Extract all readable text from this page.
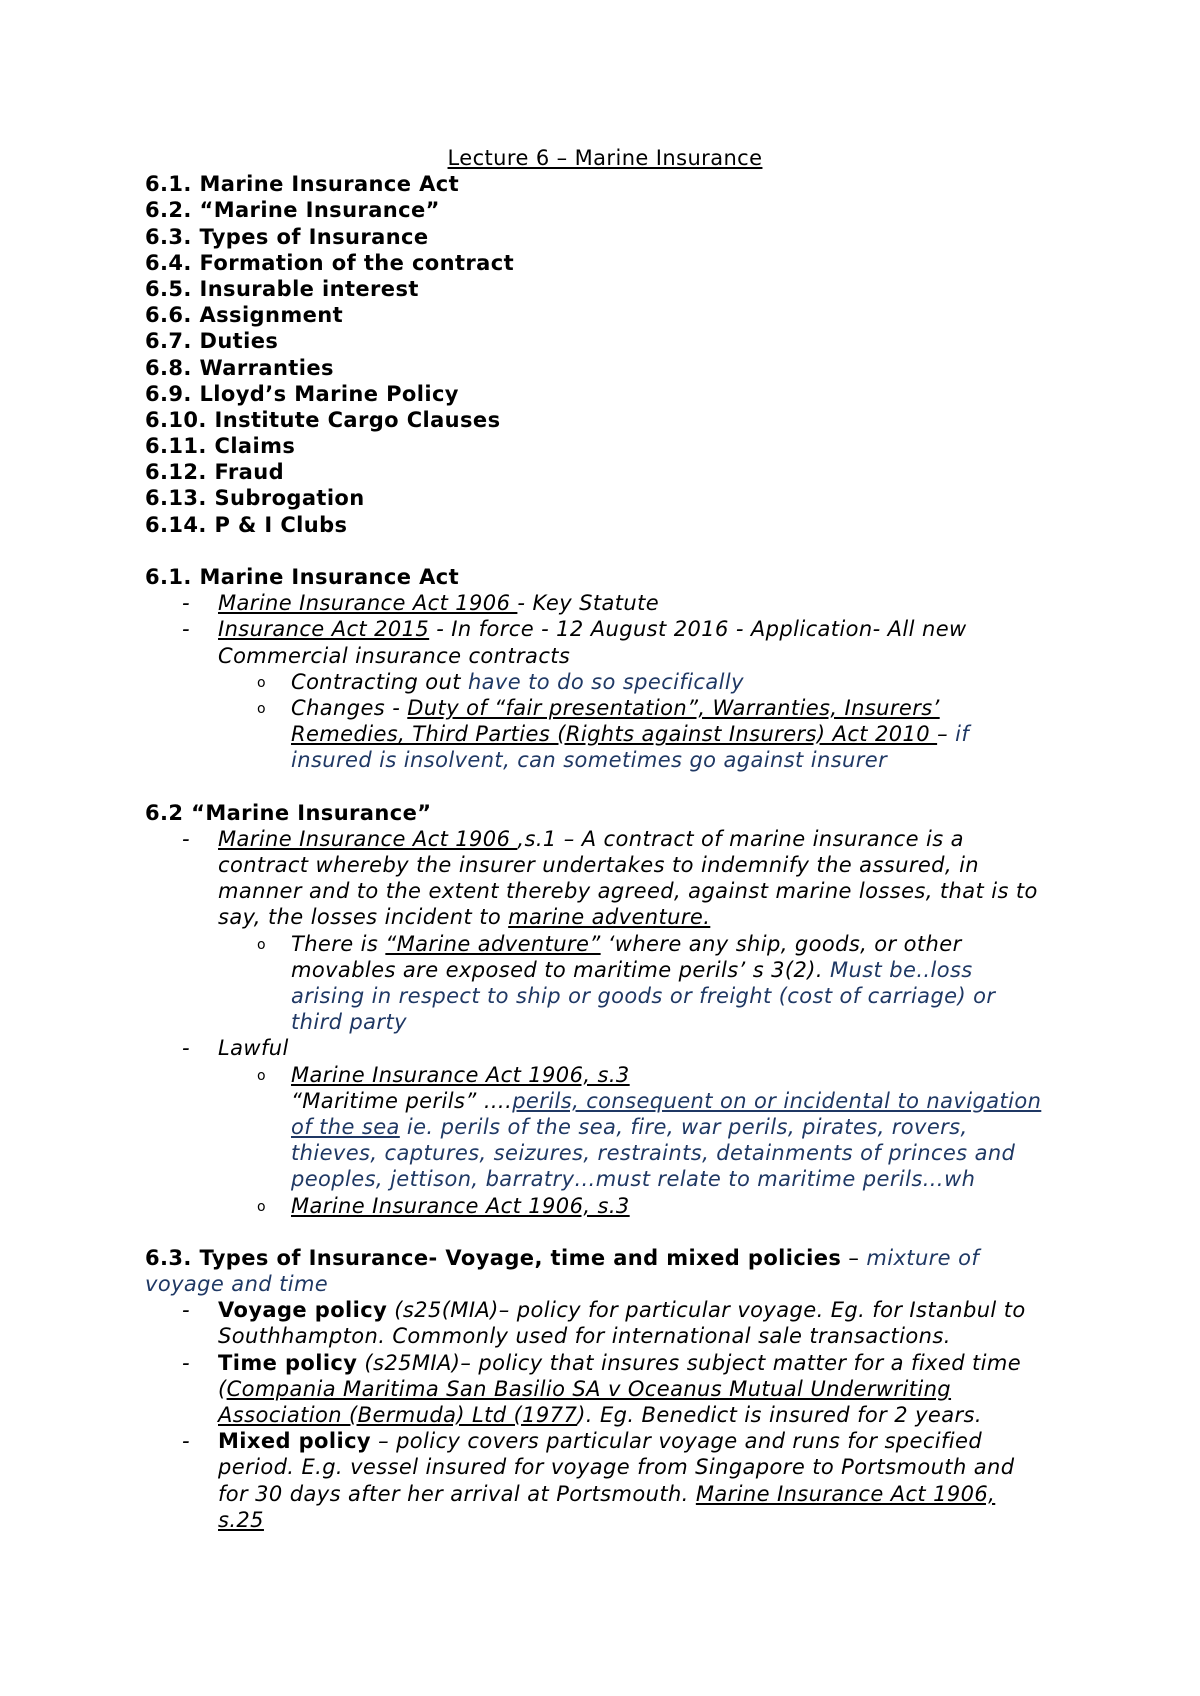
Lecture 6 – Marine Insurance
6.1. Marine Insurance Act
6.2. “Marine Insurance”
6.3. Types of Insurance
6.4. Formation of the contract
6.5. Insurable interest
6.6. Assignment
6.7. Duties
6.8. Warranties
6.9. Lloyd’s Marine Policy
6.10. Institute Cargo Clauses
6.11. Claims
6.12. Fraud
6.13. Subrogation
6.14. P & I Clubs
6.1. Marine Insurance Act
- Marine Insurance Act 1906 - Key Statute
- Insurance Act 2015 - In force - 12 August 2016 - Application- All new
Commercial insurance contracts
o Contracting out have to do so specifically
o Changes - Duty of “fair presentation”, Warranties, Insurers’
Remedies, Third Parties (Rights against Insurers) Act 2010 – if
insured is insolvent, can sometimes go against insurer
6.2 “Marine Insurance”
- Marine Insurance Act 1906 ,s.1 – A contract of marine insurance is a
contract whereby the insurer undertakes to indemnify the assured, in
manner and to the extent thereby agreed, against marine losses, that is to
say, the losses incident to marine adventure.
o There is “Marine adventure” ‘where any ship, goods, or other
movables are exposed to maritime perils’ s 3(2). Must be..loss
arising in respect to ship or goods or freight (cost of carriage) or
third party
- Lawful
o Marine Insurance Act 1906, s.3
“Maritime perils” ….perils, consequent on or incidental to navigation
of the sea ie. perils of the sea, fire, war perils, pirates, rovers,
thieves, captures, seizures, restraints, detainments of princes and
peoples, jettison, barratry…must relate to maritime perils…wh
o Marine Insurance Act 1906, s.3
6.3. Types of Insurance- Voyage, time and mixed policies – mixture of
voyage and time
- Voyage policy (s25(MIA)– policy for particular voyage. Eg. for Istanbul to
Southhampton. Commonly used for international sale transactions.
- Time policy (s25MIA)– policy that insures subject matter for a fixed time
(Compania Maritima San Basilio SA v Oceanus Mutual Underwriting
Association (Bermuda) Ltd (1977). Eg. Benedict is insured for 2 years.
- Mixed policy – policy covers particular voyage and runs for specified
period. E.g. vessel insured for voyage from Singapore to Portsmouth and
for 30 days after her arrival at Portsmouth. Marine Insurance Act 1906,
s.25
